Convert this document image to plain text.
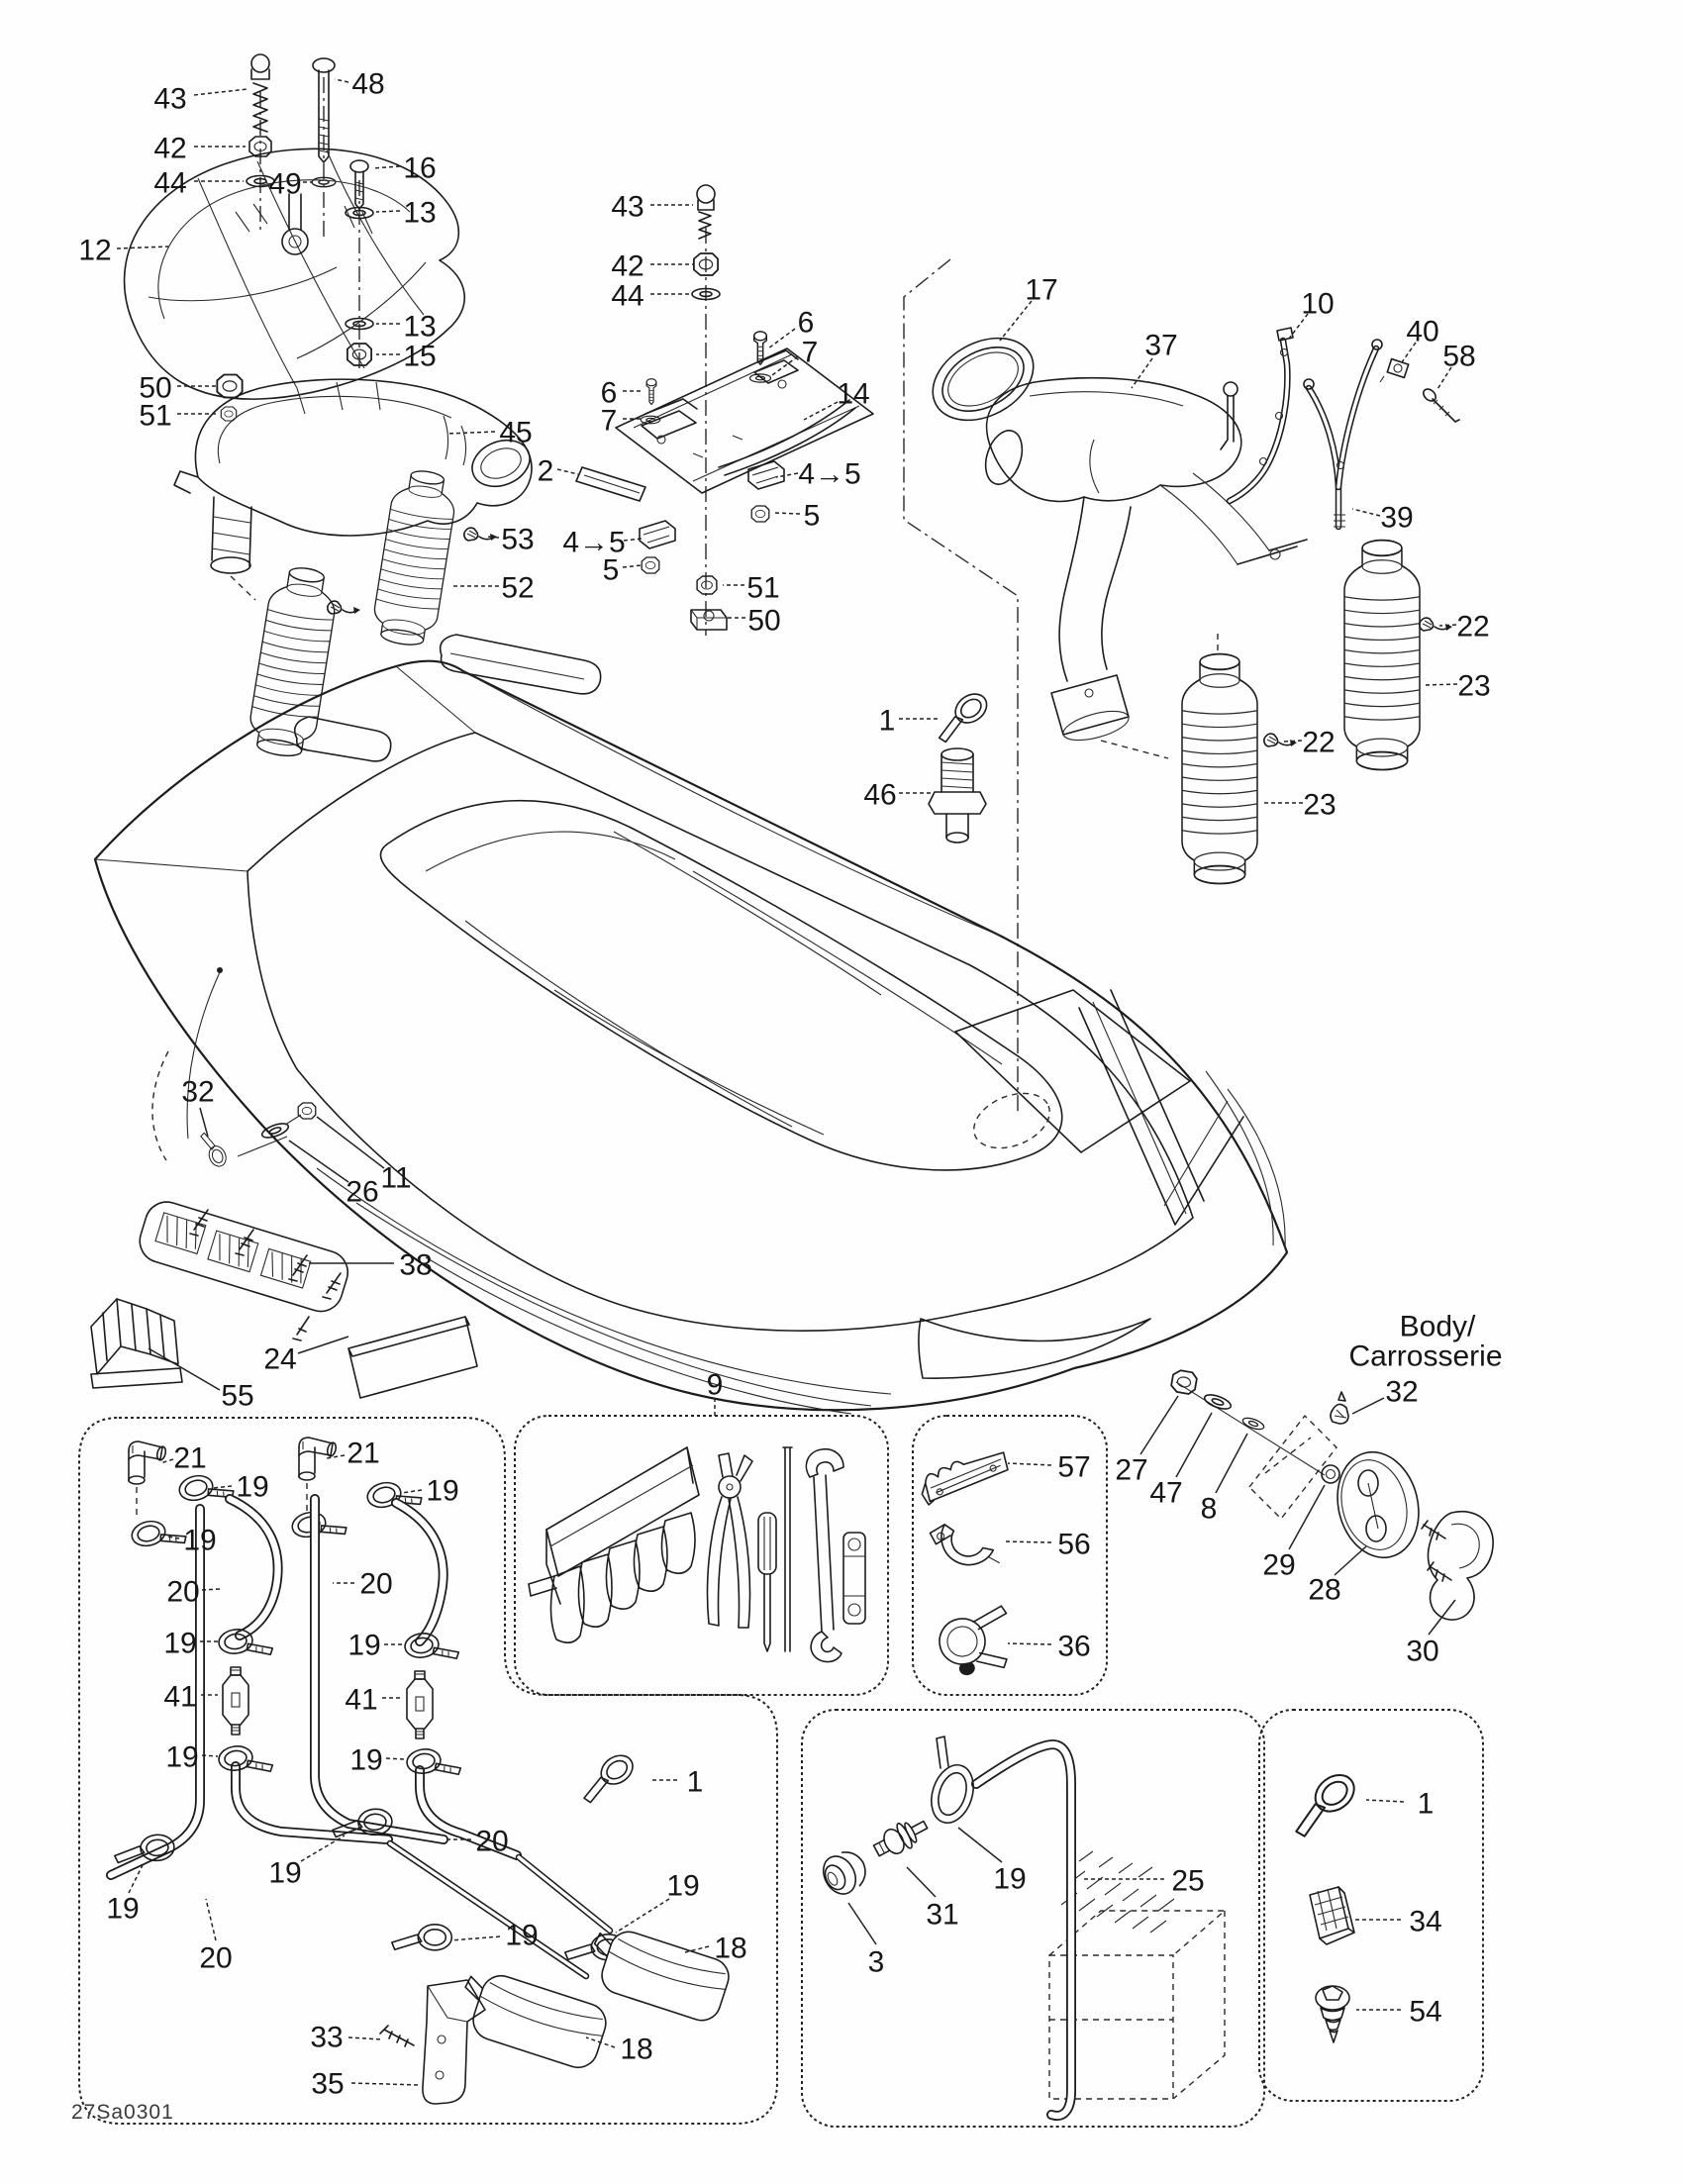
43	48
42
44	49	16
13
12
13
15
50
51
45
53
52
43
42
44
6
7
14
6
7
2	4→5
5
4→5
5
51
50
17
37
10
40
58
39
22
23
22
23
1
46
32
26 11
38
24
55	9
21	21
19	19
19
20	20
19	19
41	41
19	19
19
20
19
20
1
19
19
33
35
18
18
3
31
19	25
1
34
54
32
27
47 8
29
28
30
57
56
36
Body/
Carrosserie
27Sa0301
